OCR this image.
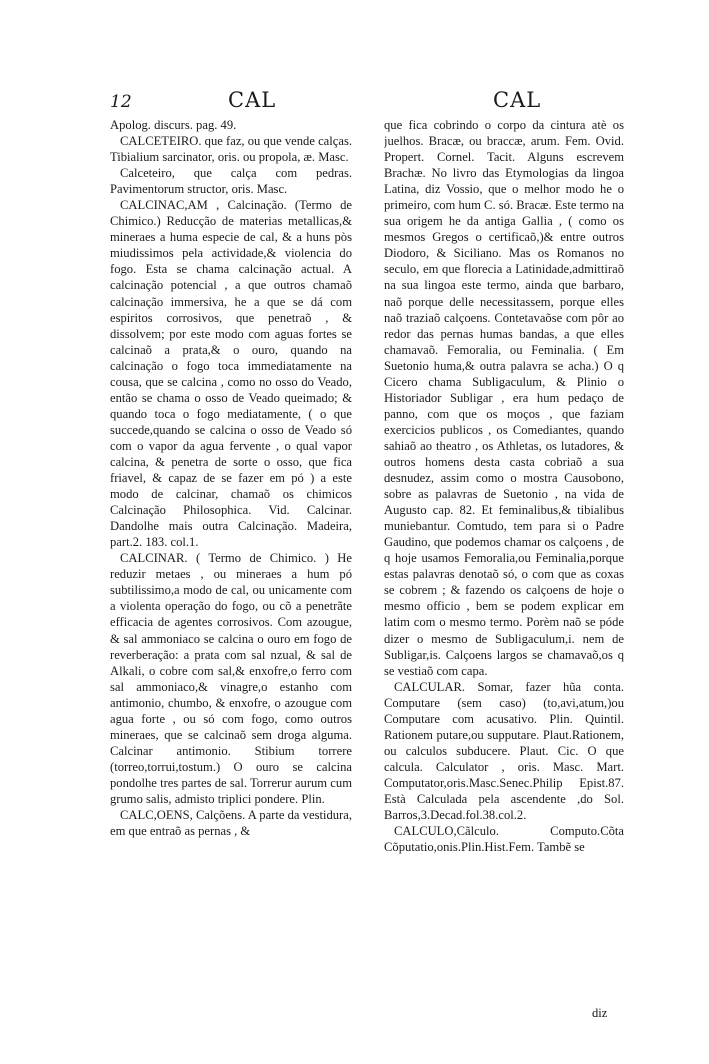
12	CAL	CAL

Apolog. discurs. pag. 49.

CALCETEIRO. que faz, ou que vende calças. Tibialium sarcinator, oris. ou propola, æ. Masc.

Calceteiro, que calça com pedras. Pavimentorum structor, oris. Masc.

CALCINAC,AM , Calcinação. (Termo de Chimico.) Reducção de materias metallicas,& mineraes a huma especie de cal, & a huns pòs miudissimos pela actividade,& violencia do fogo. Esta se chama calcinação actual. A calcinação potencial , a que outros chamaõ calcinação immersiva, he a que se dá com espiritos corrosivos, que penetraõ , & dissolvem; por este modo com aguas fortes se calcinaõ a prata,& o ouro, quando na calcinação o fogo toca immediatamente na cousa, que se calcina , como no osso do Veado, então se chama o osso de Veado queimado; & quando toca o fogo mediatamente, ( o que succede,quando se calcina o osso de Veado só com o vapor da agua fervente , o qual vapor calcina, & penetra de sorte o osso, que fica friavel, & capaz de se fazer em pó ) a este modo de calcinar, chamaõ os chimicos Calcinação Philosophica. Vid. Calcinar. Dandolhe mais outra Calcinação. Madeira, part.2. 183. col.1.

CALCINAR. ( Termo de Chimico. ) He reduzir metaes , ou mineraes a hum pó subtilissimo,a modo de cal, ou unicamente com a violenta operação do fogo, ou cõ a penetrãte efficacia de agentes corrosivos. Com azougue, & sal ammoniaco se calcina o ouro em fogo de reverberação: a prata com sal nzual, & sal de Alkali, o cobre com sal,& enxofre,o ferro com sal ammoniaco,& vinagre,o estanho com antimonio, chumbo, & enxofre, o azougue com agua forte , ou só com fogo, como outros mineraes, que se calcinaõ sem droga alguma. Calcinar antimonio. Stibium torrere (torreo,torrui,tostum.) O ouro se calcina pondolhe tres partes de sal. Torrerur aurum cum grumo salis, admisto triplici pondere. Plin.

CALC,OENS, Calçõens. A parte da vestidura, em que entraõ as pernas , &

que fica cobrindo o corpo da cintura atè os juelhos. Bracæ, ou braccæ, arum. Fem. Ovid. Propert. Cornel. Tacit. Alguns escrevem Brachæ. No livro das Etymologias da lingoa Latina, diz Vossio, que o melhor modo he o primeiro, com hum C. só. Bracæ. Este termo na sua origem he da antiga Gallia , ( como os mesmos Gregos o certificaõ,)& entre outros Diodoro, & Siciliano. Mas os Romanos no seculo, em que florecia a Latinidade,admittiraõ na sua lingoa este termo, ainda que barbaro, naõ porque delle necessitassem, porque elles naõ traziaõ calçoens. Contetavaõse com pôr ao redor das pernas humas bandas, a que elles chamavaõ. Femoralia, ou Feminalia. ( Em Suetonio huma,& outra palavra se acha.) O q Cicero chama Subligaculum, & Plinio o Historiador Subligar , era hum pedaço de panno, com que os moços , que faziam exercicios publicos , os Comediantes, quando sahiaõ ao theatro , os Athletas, os lutadores, & outros homens desta casta cobriaõ a sua desnudez, assim como o mostra Causobono, sobre as palavras de Suetonio , na vida de Augusto cap. 82. Et feminalibus,& tibialibus muniebantur. Comtudo, tem para si o Padre Gaudino, que podemos chamar os calçoens , de q hoje usamos Femoralia,ou Feminalia,porque estas palavras denotaõ só, o com que as coxas se cobrem ; & fazendo os calçoens de hoje o mesmo officio , bem se podem explicar em latim com o mesmo termo. Porèm naõ se póde dizer o mesmo de Subligaculum,i. nem de Subligar,is. Calçoens largos se chamavaõ,os q se vestiaõ com capa.

CALCULAR. Somar, fazer hũa conta. Computare (sem caso) (to,avi,atum,)ou Computare com acusativo. Plin. Quintil. Rationem putare,ou supputare. Plaut.Rationem, ou calculos subducere. Plaut. Cic. O que calcula. Calculator , oris. Masc. Mart. Computator,oris.Masc.Senec.Philip Epist.87. Està Calculada pela ascendente ,do Sol. Barros,3.Decad.fol.38.col.2.

CALCULO,Cãlculo. Computo.Cõta Cõputatio,onis.Plin.Hist.Fem. Tambẽ se

diz
